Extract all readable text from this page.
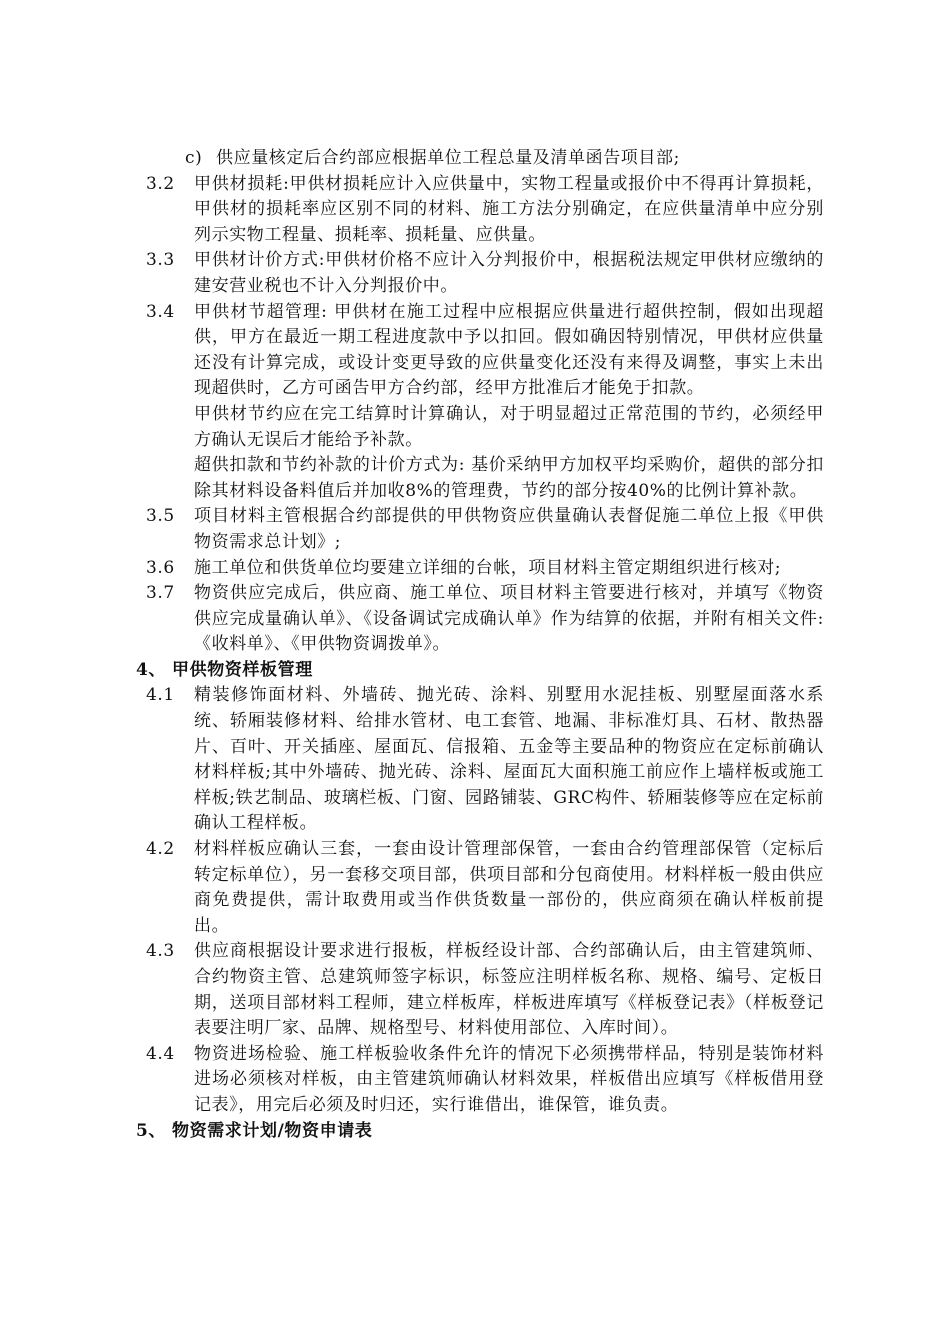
c) 供应量核定后合约部应根据单位工程总量及清单函告项目部;
3.2 甲供材损耗:甲供材损耗应计入应供量中，实物工程量或报价中不得再计算损耗，甲供材的损耗率应区别不同的材料、施工方法分别确定，在应供量清单中应分别列示实物工程量、损耗率、损耗量、应供量。
3.3 甲供材计价方式:甲供材价格不应计入分判报价中，根据税法规定甲供材应缴纳的建安营业税也不计入分判报价中。
3.4 甲供材节超管理: 甲供材在施工过程中应根据应供量进行超供控制，假如出现超供，甲方在最近一期工程进度款中予以扣回。假如确因特别情况，甲供材应供量还没有计算完成，或设计变更导致的应供量变化还没有来得及调整，事实上未出现超供时，乙方可函告甲方合约部，经甲方批准后才能免于扣款。
甲供材节约应在完工结算时计算确认，对于明显超过正常范围的节约，必须经甲方确认无误后才能给予补款。
超供扣款和节约补款的计价方式为: 基价采纳甲方加权平均采购价，超供的部分扣除其材料设备料值后并加收8%的管理费，节约的部分按40%的比例计算补款。
3.5 项目材料主管根据合约部提供的甲供物资应供量确认表督促施二单位上报《甲供物资需求总计划》;
3.6 施工单位和供货单位均要建立详细的台帐，项目材料主管定期组织进行核对;
3.7 物资供应完成后，供应商、施工单位、项目材料主管要进行核对，并填写《物资供应完成量确认单》、《设备调试完成确认单》作为结算的依据，并附有相关文件: 《收料单》、《甲供物资调拨单》。
4、 甲供物资样板管理
4.1 精装修饰面材料、外墙砖、抛光砖、涂料、别墅用水泥挂板、别墅屋面落水系统、轿厢装修材料、给排水管材、电工套管、地漏、非标准灯具、石材、散热器片、百叶、开关插座、屋面瓦、信报箱、五金等主要品种的物资应在定标前确认材料样板;其中外墙砖、抛光砖、涂料、屋面瓦大面积施工前应作上墙样板或施工样板;铁艺制品、玻璃栏板、门窗、园路铺装、GRC构件、轿厢装修等应在定标前确认工程样板。
4.2 材料样板应确认三套，一套由设计管理部保管，一套由合约管理部保管（定标后转定标单位），另一套移交项目部，供项目部和分包商使用。材料样板一般由供应商免费提供，需计取费用或当作供货数量一部份的，供应商须在确认样板前提出。
4.3 供应商根据设计要求进行报板，样板经设计部、合约部确认后，由主管建筑师、合约物资主管、总建筑师签字标识，标签应注明样板名称、规格、编号、定板日期，送项目部材料工程师，建立样板库，样板进库填写《样板登记表》（样板登记表要注明厂家、品牌、规格型号、材料使用部位、入库时间）。
4.4 物资进场检验、施工样板验收条件允许的情况下必须携带样品，特别是装饰材料进场必须核对样板，由主管建筑师确认材料效果，样板借出应填写《样板借用登记表》，用完后必须及时归还，实行谁借出，谁保管，谁负责。
5、 物资需求计划/物资申请表
